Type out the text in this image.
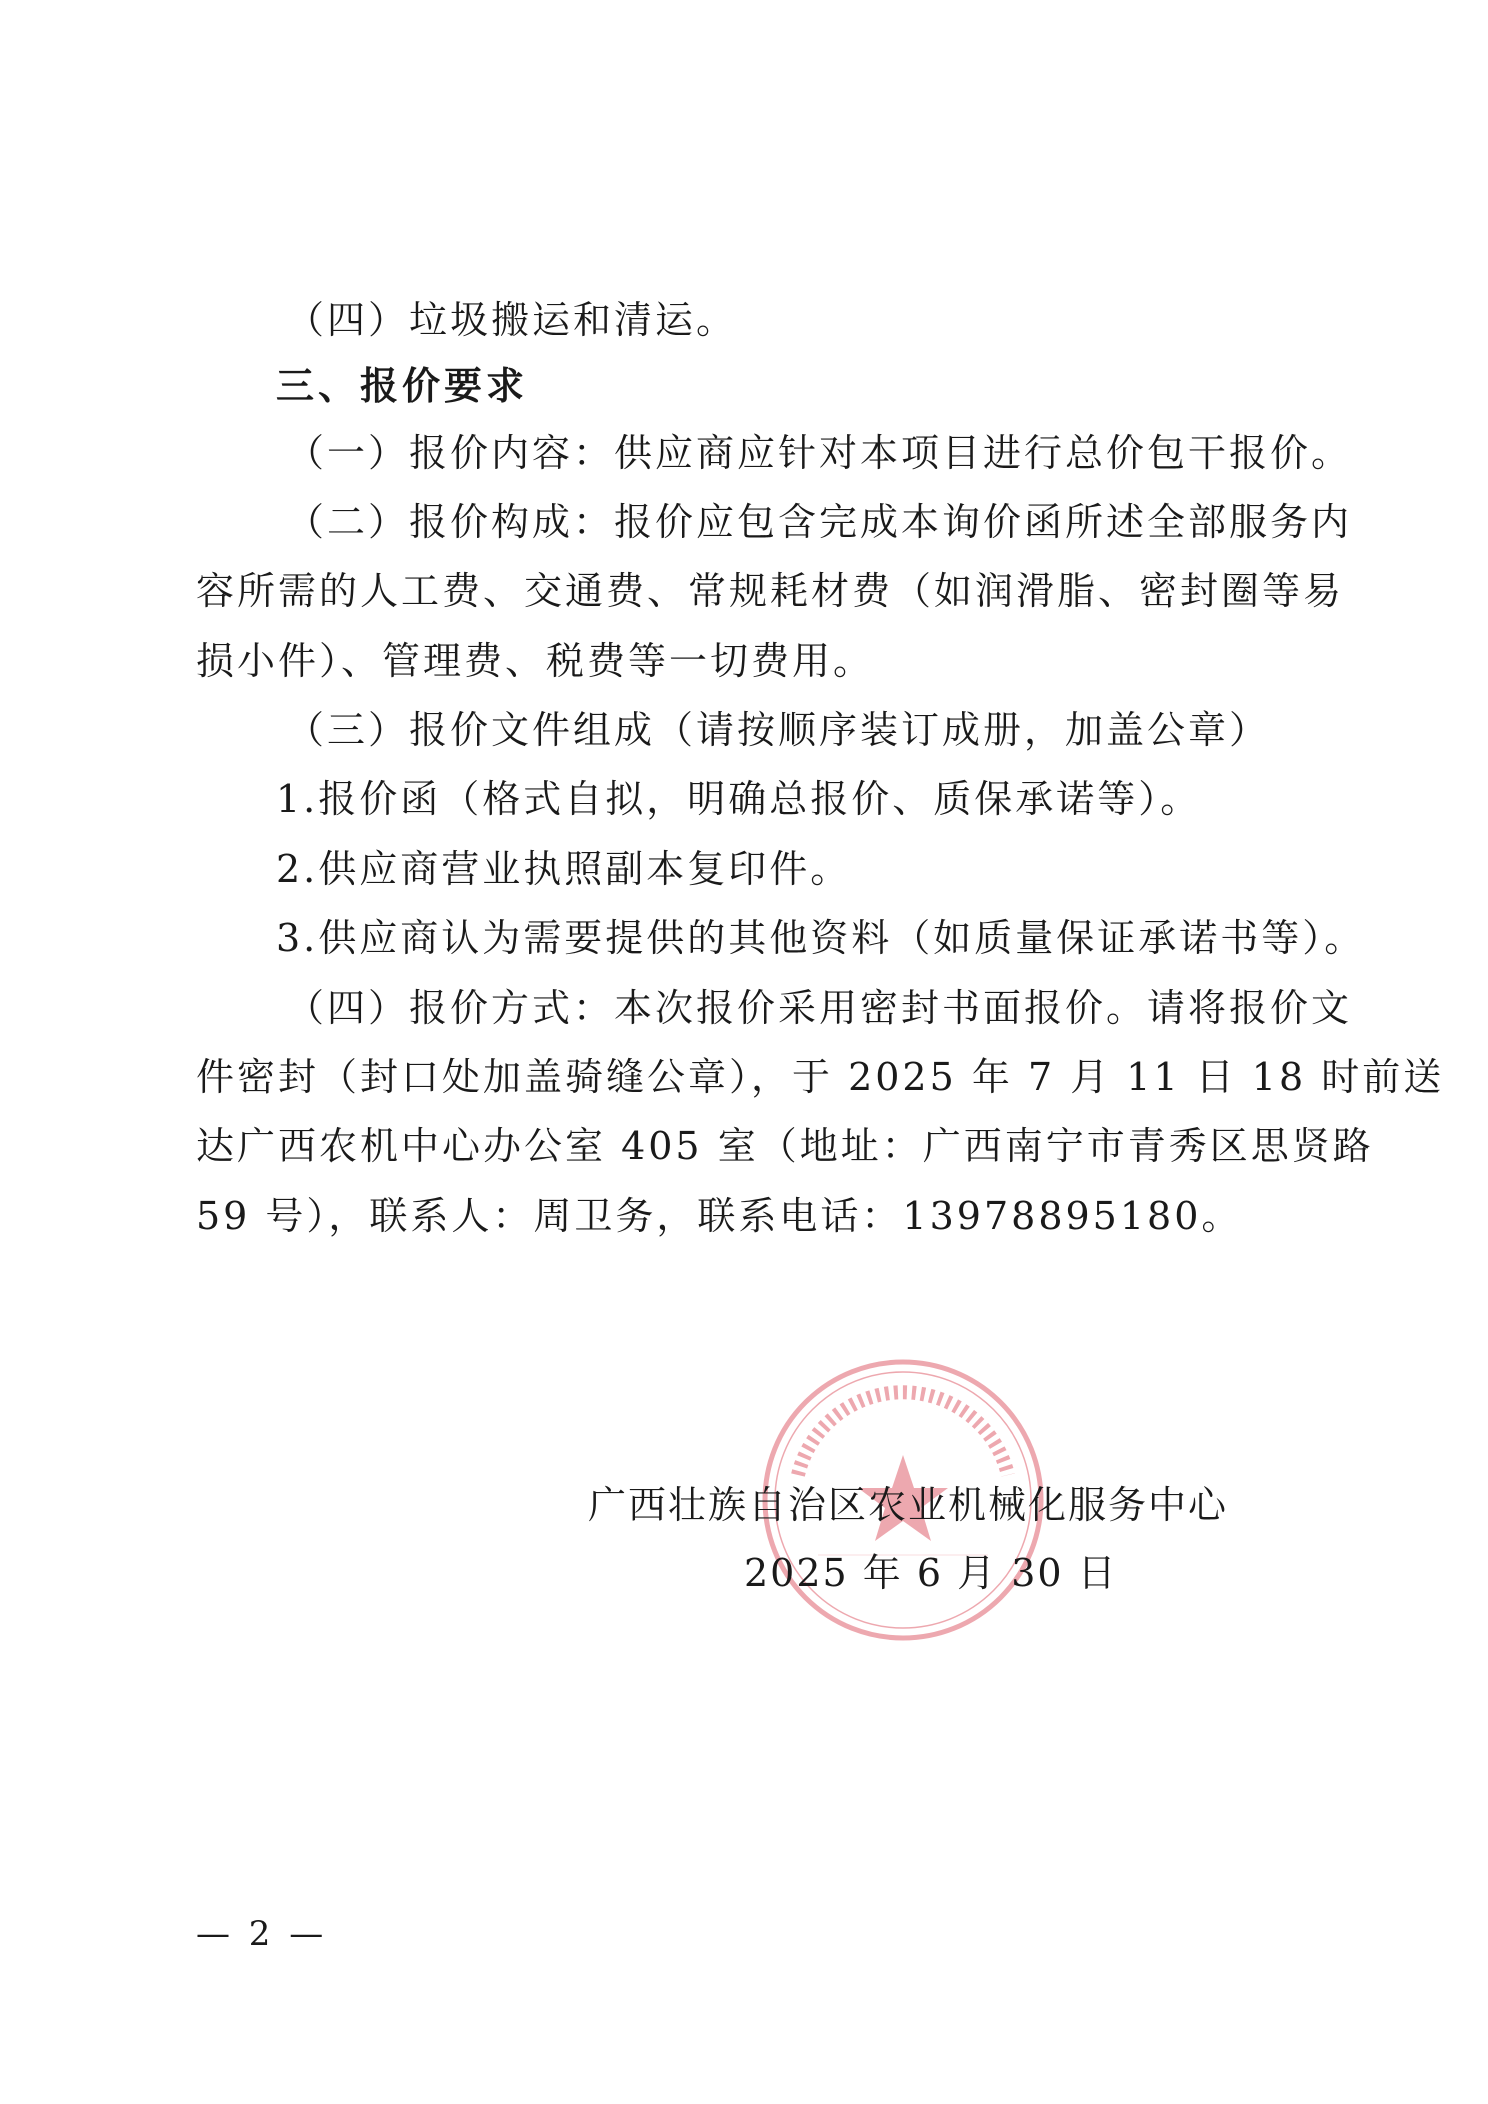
（四）垃圾搬运和清运。
三、报价要求
（一）报价内容：供应商应针对本项目进行总价包干报价。
（二）报价构成：报价应包含完成本询价函所述全部服务内
容所需的人工费、交通费、常规耗材费（如润滑脂、密封圈等易
损小件）、管理费、税费等一切费用。
（三）报价文件组成（请按顺序装订成册，加盖公章）
1.报价函（格式自拟，明确总报价、质保承诺等）。
2.供应商营业执照副本复印件。
3.供应商认为需要提供的其他资料（如质量保证承诺书等）。
（四）报价方式：本次报价采用密封书面报价。请将报价文
件密封（封口处加盖骑缝公章），于 2025 年 7 月 11 日 18 时前送
达广西农机中心办公室 405 室（地址：广西南宁市青秀区思贤路
59 号），联系人：周卫务，联系电话：13978895180。
广西壮族自治区农业机械化服务中心
2025 年 6 月 30 日
— 2 —
